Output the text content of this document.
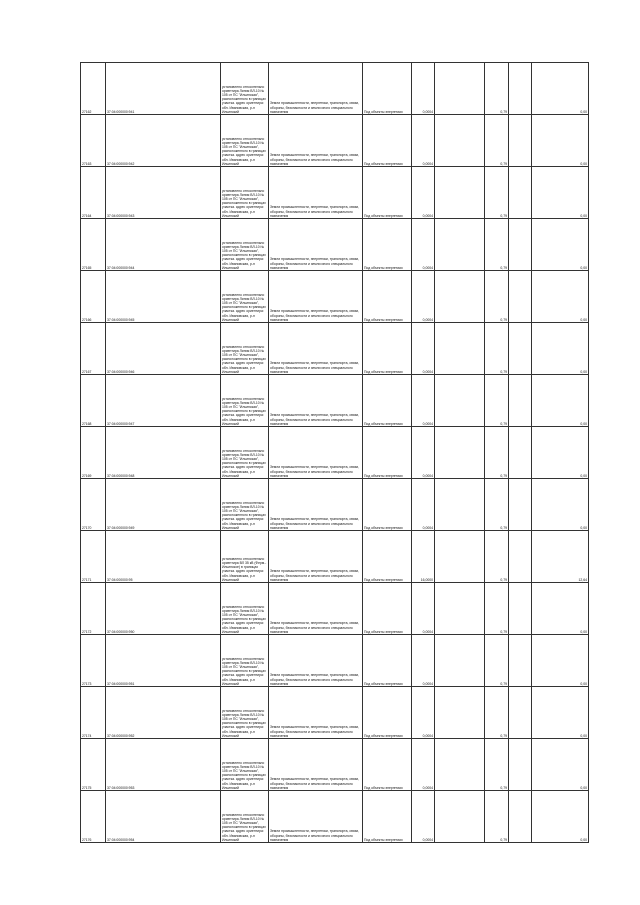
27162	37:04:000000:941	установлено относительно ориентира Линия ВЛ-10 № 105 от ПС "Ильинская", расположенного в границах участка. адрес ориентира: обл. Ивановская, р-н Ильинский	Земли промышленности, энергетики, транспорта, связи, обороны, безопасности и земли иного специального назначения	Под объекты энергетики	0,0004		0,79		0,00
27163	37:04:000000:942	установлено относительно ориентира Линия ВЛ-10 № 105 от ПС "Ильинская", расположенного в границах участка. адрес ориентира: обл. Ивановская, р-н Ильинский	Земли промышленности, энергетики, транспорта, связи, обороны, безопасности и земли иного специального назначения	Под объекты энергетики	0,0004		0,79		0,00
27164	37:04:000000:943	установлено относительно ориентира Линия ВЛ-10 № 105 от ПС "Ильинская", расположенного в границах участка. адрес ориентира: обл. Ивановская, р-н Ильинский	Земли промышленности, энергетики, транспорта, связи, обороны, безопасности и земли иного специального назначения	Под объекты энергетики	0,0004		0,79		0,00
27165	37:04:000000:944	установлено относительно ориентира Линия ВЛ-10 № 105 от ПС "Ильинская", расположенного в границах участка. адрес ориентира: обл. Ивановская, р-н Ильинский	Земли промышленности, энергетики, транспорта, связи, обороны, безопасности и земли иного специального назначения	Под объекты энергетики	0,0004		0,79		0,00
27166	37:04:000000:945	установлено относительно ориентира Линия ВЛ-10 № 105 от ПС "Ильинская", расположенного в границах участка. адрес ориентира: обл. Ивановская, р-н Ильинский	Земли промышленности, энергетики, транспорта, связи, обороны, безопасности и земли иного специального назначения	Под объекты энергетики	0,0004		0,79		0,00
27167	37:04:000000:946	установлено относительно ориентира Линия ВЛ-10 № 105 от ПС "Ильинская", расположенного в границах участка. адрес ориентира: обл. Ивановская, р-н Ильинский	Земли промышленности, энергетики, транспорта, связи, обороны, безопасности и земли иного специального назначения	Под объекты энергетики	0,0004		0,79		0,00
27168	37:04:000000:947	установлено относительно ориентира Линия ВЛ-10 № 105 от ПС "Ильинская", расположенного в границах участка. адрес ориентира: обл. Ивановская, р-н Ильинский	Земли промышленности, энергетики, транспорта, связи, обороны, безопасности и земли иного специального назначения	Под объекты энергетики	0,0004		0,79		0,00
27169	37:04:000000:948	установлено относительно ориентира Линия ВЛ-10 № 105 от ПС "Ильинская", расположенного в границах участка. адрес ориентира: обл. Ивановская, р-н Ильинский	Земли промышленности, энергетики, транспорта, связи, обороны, безопасности и земли иного специального назначения	Под объекты энергетики	0,0004		0,79		0,00
27170	37:04:000000:949	установлено относительно ориентира Линия ВЛ-10 № 105 от ПС "Ильинская", расположенного в границах участка. адрес ориентира: обл. Ивановская, р-н Ильинский	Земли промышленности, энергетики, транспорта, связи, обороны, безопасности и земли иного специального назначения	Под объекты энергетики	0,0004		0,79		0,00
27171	37:04:000000:95	установлено относительно ориентира ВЛ 35 кВ (Ферм.-Ильинское) в границах участка. адрес ориентира: обл. Ивановская, р-н Ильинский	Земли промышленности, энергетики, транспорта, связи, обороны, безопасности и земли иного специального назначения	Под объекты энергетики	16,0000		0,79		12,64
27172	37:04:000000:950	установлено относительно ориентира Линия ВЛ-10 № 105 от ПС "Ильинская", расположенного в границах участка. адрес ориентира: обл. Ивановская, р-н Ильинский	Земли промышленности, энергетики, транспорта, связи, обороны, безопасности и земли иного специального назначения	Под объекты энергетики	0,0004		0,79		0,00
27173	37:04:000000:951	установлено относительно ориентира Линия ВЛ-10 № 105 от ПС "Ильинская", расположенного в границах участка. адрес ориентира: обл. Ивановская, р-н Ильинский	Земли промышленности, энергетики, транспорта, связи, обороны, безопасности и земли иного специального назначения	Под объекты энергетики	0,0004		0,79		0,00
27174	37:04:000000:952	установлено относительно ориентира Линия ВЛ-10 № 105 от ПС "Ильинская", расположенного в границах участка. адрес ориентира: обл. Ивановская, р-н Ильинский	Земли промышленности, энергетики, транспорта, связи, обороны, безопасности и земли иного специального назначения	Под объекты энергетики	0,0004		0,79		0,00
27175	37:04:000000:953	установлено относительно ориентира Линия ВЛ-10 № 105 от ПС "Ильинская", расположенного в границах участка. адрес ориентира: обл. Ивановская, р-н Ильинский	Земли промышленности, энергетики, транспорта, связи, обороны, безопасности и земли иного специального назначения	Под объекты энергетики	0,0004		0,79		0,00
27176	37:04:000000:954	установлено относительно ориентира Линия ВЛ-10 № 105 от ПС "Ильинская", расположенного в границах участка. адрес ориентира: обл. Ивановская, р-н Ильинский	Земли промышленности, энергетики, транспорта, связи, обороны, безопасности и земли иного специального назначения	Под объекты энергетики	0,0004		0,79		0,00
